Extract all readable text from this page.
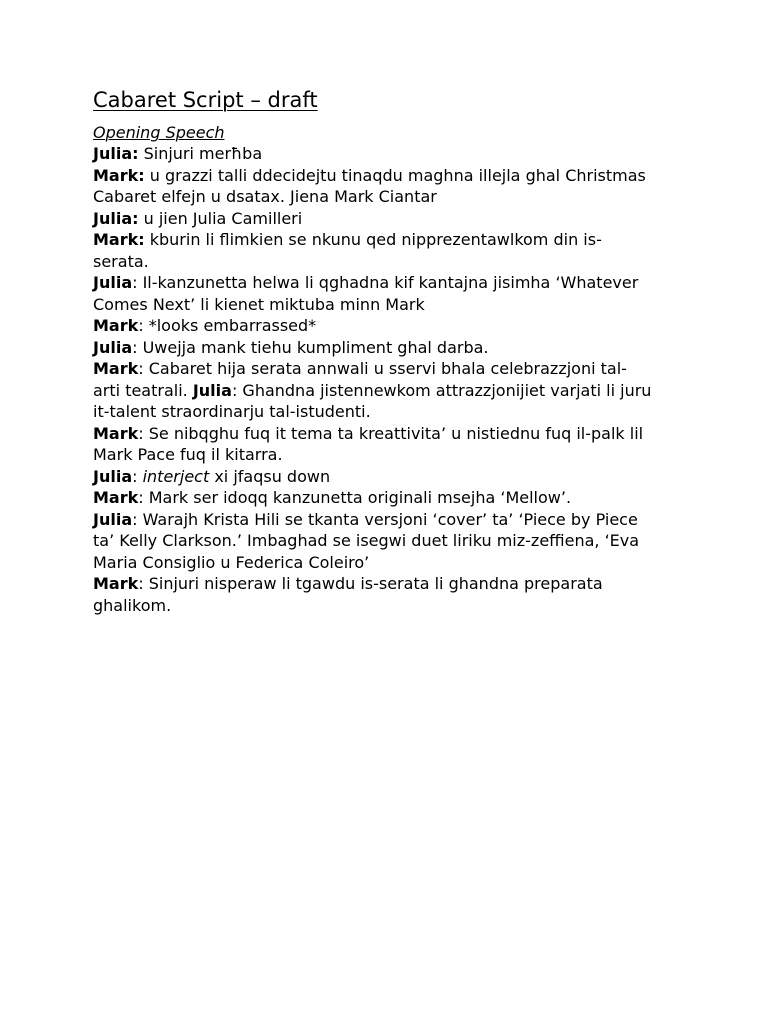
Cabaret Script – draft
Opening Speech

Julia: Sinjuri merħba

Mark: u grazzi talli ddecidejtu tinaqdu maghna illejla ghal Christmas Cabaret elfejn u dsatax. Jiena Mark Ciantar

Julia: u jien Julia Camilleri

Mark: kburin li flimkien se nkunu qed nipprezentawlkom din is-serata.

Julia: Il-kanzunetta helwa li qghadna kif kantajna jisimha ‘Whatever Comes Next’ li kienet miktuba minn Mark

Mark: *looks embarrassed*

Julia: Uwejja mank tiehu kumpliment ghal darba.

Mark: Cabaret hija serata annwali u sservi bhala celebrazzjoni tal-arti teatrali. Julia: Ghandna jistennewkom attrazzjonijiet varjati li juru it-talent straordinarju tal-istudenti.

Mark: Se nibqghu fuq it tema ta kreattivita’ u nistiednu fuq il-palk lil Mark Pace fuq il kitarra.

Julia: interject xi jfaqsu down

Mark: Mark ser idoqq kanzunetta originali msejha ‘Mellow’.

Julia: Warajh Krista Hili se tkanta versjoni ‘cover’ ta’ ‘Piece by Piece ta’ Kelly Clarkson.’ Imbaghad se isegwi duet liriku miz-zeffiena, ‘Eva Maria Consiglio u Federica Coleiro’

Mark: Sinjuri nisperaw li tgawdu is-serata li ghandna preparata ghalikom.
